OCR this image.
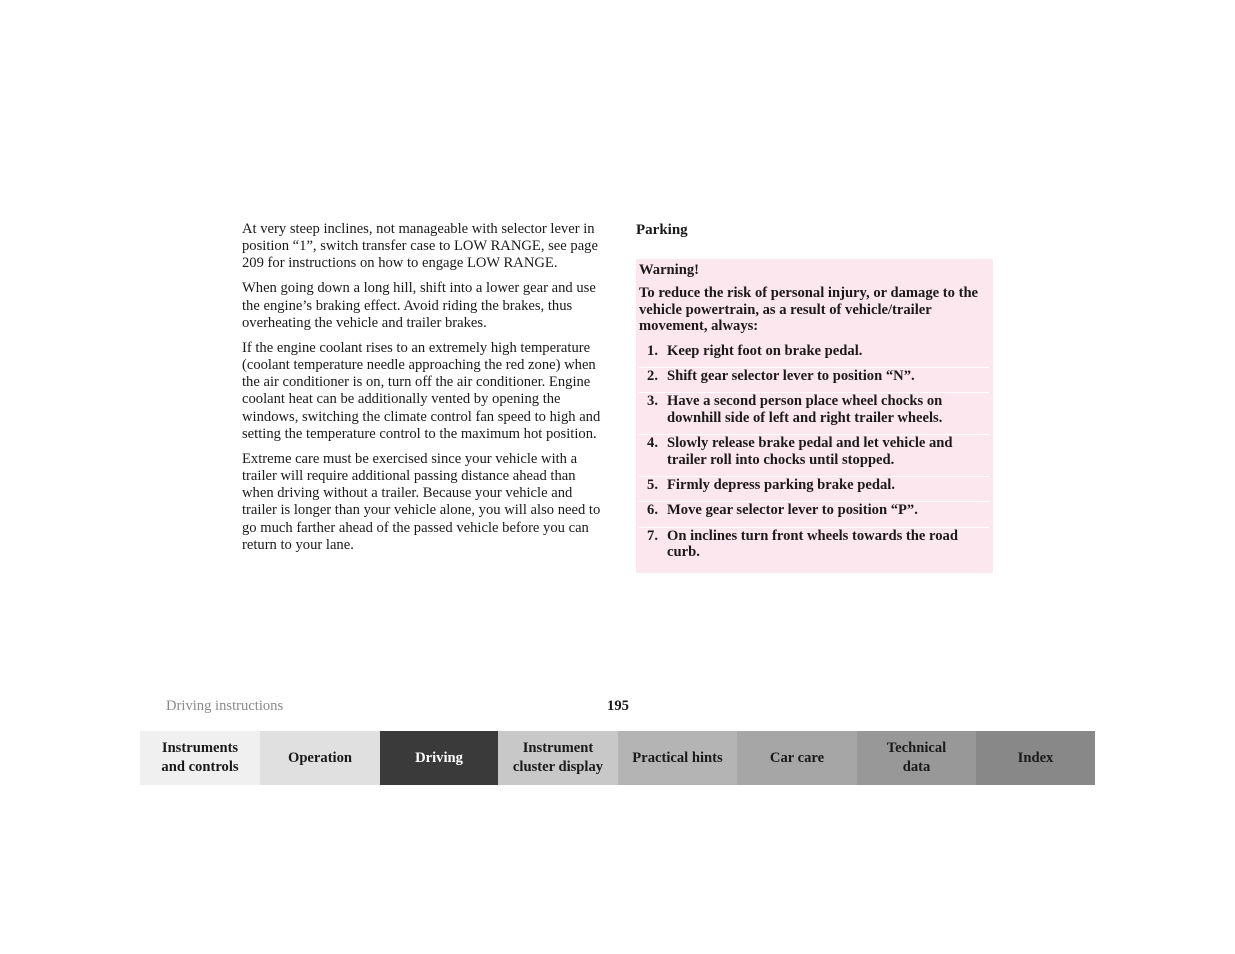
At very steep inclines, not manageable with selector lever in position “1”, switch transfer case to LOW RANGE, see page 209 for instructions on how to engage LOW RANGE.

When going down a long hill, shift into a lower gear and use the engine’s braking effect. Avoid riding the brakes, thus overheating the vehicle and trailer brakes.

If the engine coolant rises to an extremely high temperature (coolant temperature needle approaching the red zone) when the air conditioner is on, turn off the air conditioner. Engine coolant heat can be additionally vented by opening the windows, switching the climate control fan speed to high and setting the temperature control to the maximum hot position.

Extreme care must be exercised since your vehicle with a trailer will require additional passing distance ahead than when driving without a trailer. Because your vehicle and trailer is longer than your vehicle alone, you will also need to go much farther ahead of the passed vehicle before you can return to your lane.

Parking
Warning!
To reduce the risk of personal injury, or damage to the vehicle powertrain, as a result of vehicle/trailer movement, always:
1. Keep right foot on brake pedal.
2. Shift gear selector lever to position “N”.
3. Have a second person place wheel chocks on downhill side of left and right trailer wheels.
4. Slowly release brake pedal and let vehicle and trailer roll into chocks until stopped.
5. Firmly depress parking brake pedal.
6. Move gear selector lever to position “P”.
7. On inclines turn front wheels towards the road curb.
Driving instructions	195
Instruments
and controls
Operation	Driving
Instrument
cluster display
Practical hints	Car care
Technical
data
Index
